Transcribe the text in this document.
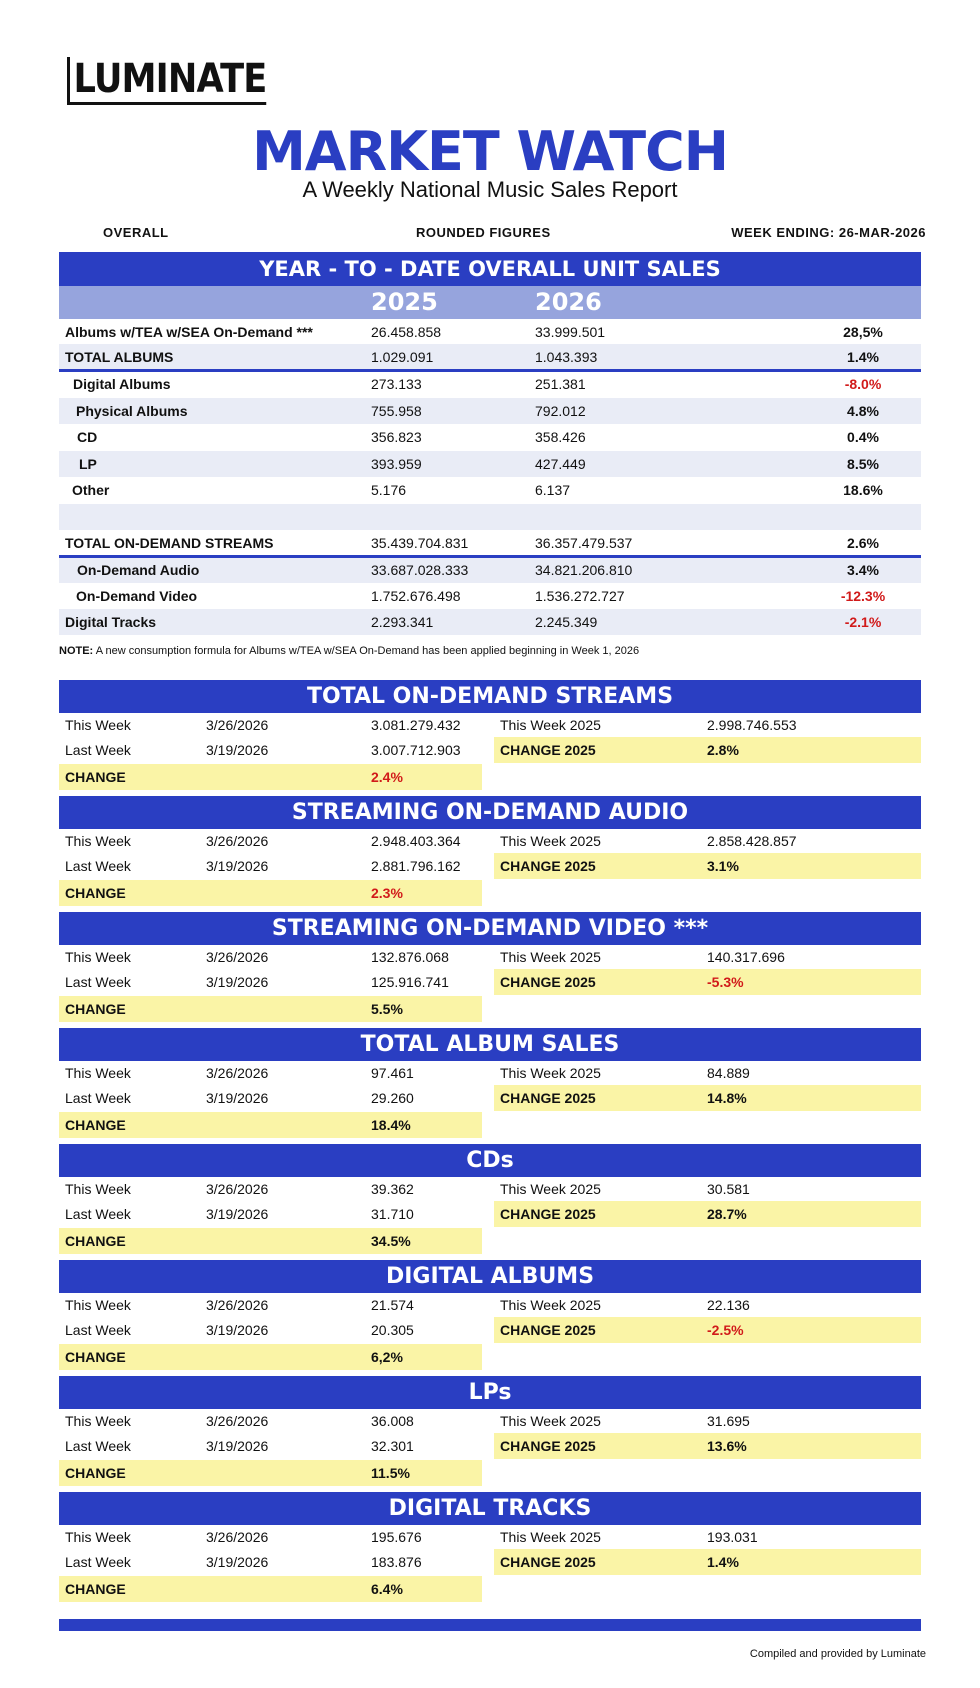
LUMINATE
MARKET WATCH
A Weekly National Music Sales Report
OVERALL	ROUNDED FIGURES	WEEK ENDING: 26-MAR-2026
YEAR - TO - DATE OVERALL UNIT SALES
2025	2026
Albums w/TEA w/SEA On-Demand ***	26.458.858	33.999.501	28,5%
TOTAL ALBUMS	1.029.091	1.043.393	1.4%
Digital Albums	273.133	251.381	-8.0%
Physical Albums	755.958	792.012	4.8%
CD	356.823	358.426	0.4%
LP	393.959	427.449	8.5%
Other	5.176	6.137	18.6%
TOTAL ON-DEMAND STREAMS	35.439.704.831	36.357.479.537	2.6%
On-Demand Audio	33.687.028.333	34.821.206.810	3.4%
On-Demand Video	1.752.676.498	1.536.272.727	-12.3%
Digital Tracks	2.293.341	2.245.349	-2.1%
NOTE: A new consumption formula for Albums w/TEA w/SEA On-Demand has been applied beginning in Week 1, 2026
TOTAL ON-DEMAND STREAMS
This Week	3/26/2026	3.081.279.432	This Week 2025	2.998.746.553
Last Week	3/19/2026	3.007.712.903	CHANGE 2025	2.8%
CHANGE	2.4%
STREAMING ON-DEMAND AUDIO
This Week	3/26/2026	2.948.403.364	This Week 2025	2.858.428.857
Last Week	3/19/2026	2.881.796.162	CHANGE 2025	3.1%
CHANGE	2.3%
STREAMING ON-DEMAND VIDEO ***
This Week	3/26/2026	132.876.068	This Week 2025	140.317.696
Last Week	3/19/2026	125.916.741	CHANGE 2025	-5.3%
CHANGE	5.5%
TOTAL ALBUM SALES
This Week	3/26/2026	97.461	This Week 2025	84.889
Last Week	3/19/2026	29.260	CHANGE 2025	14.8%
CHANGE	18.4%
CDs
This Week	3/26/2026	39.362	This Week 2025	30.581
Last Week	3/19/2026	31.710	CHANGE 2025	28.7%
CHANGE	34.5%
DIGITAL ALBUMS
This Week	3/26/2026	21.574	This Week 2025	22.136
Last Week	3/19/2026	20.305	CHANGE 2025	-2.5%
CHANGE	6,2%
LPs
This Week	3/26/2026	36.008	This Week 2025	31.695
Last Week	3/19/2026	32.301	CHANGE 2025	13.6%
CHANGE	11.5%
DIGITAL TRACKS
This Week	3/26/2026	195.676	This Week 2025	193.031
Last Week	3/19/2026	183.876	CHANGE 2025	1.4%
CHANGE	6.4%
Compiled and provided by Luminate
